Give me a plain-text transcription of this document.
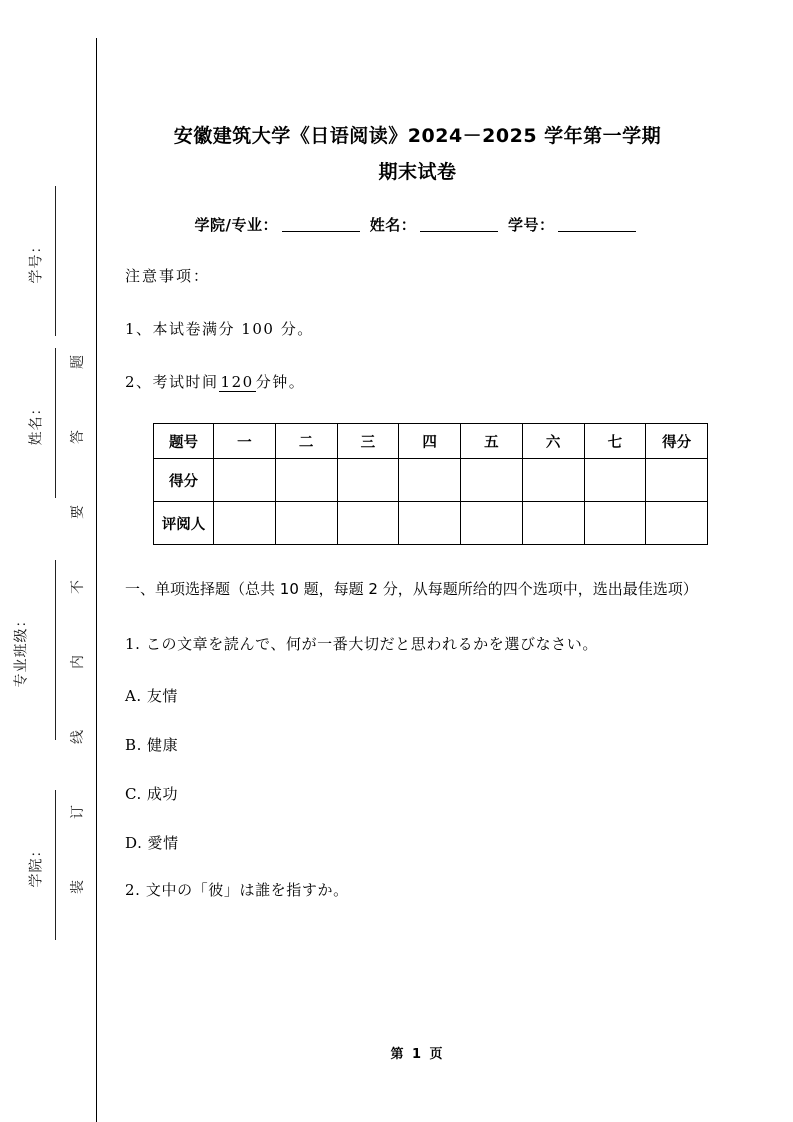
学号：
姓名：
专业班级：
学院：
题
答
要
不
内
线
订
装
安徽建筑大学《日语阅读》2024－2025 学年第一学期
期末试卷

学院/专业：	姓名：	学号：

注意事项：

1、本试卷满分 100 分。

2、考试时间 120 分钟。

题号	一	二	三	四	五	六	七	得分
得分								
评阅人								

一、单项选择题（总共 10 题，每题 2 分，从每题所给的四个选项中，选出最佳选项）

1. この文章を読んで、何が一番大切だと思われるかを選びなさい。

A. 友情

B. 健康

C. 成功

D. 愛情

2. 文中の「彼」は誰を指すか。

第 1 页
